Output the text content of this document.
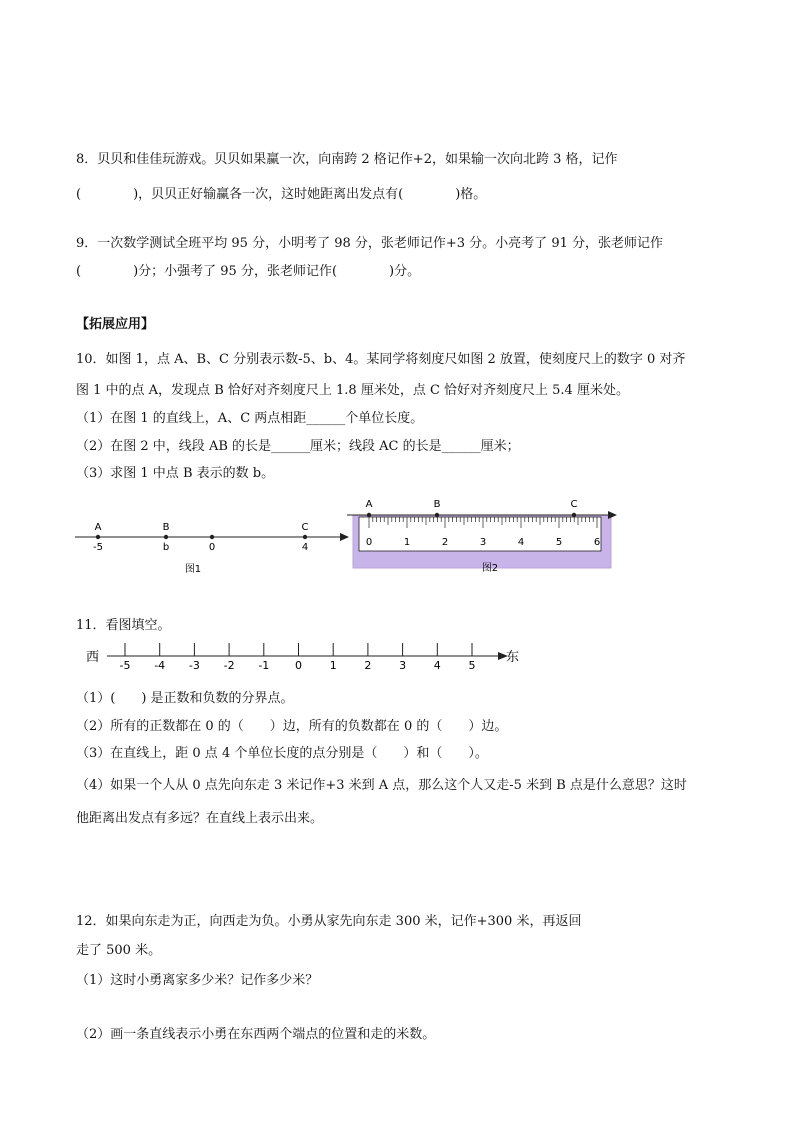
8．贝贝和佳佳玩游戏。贝贝如果赢一次，向南跨 2 格记作+2，如果输一次向北跨 3 格，记作
(　　　　)，贝贝正好输赢各一次，这时她距离出发点有(　　　　)格。
9．一次数学测试全班平均 95 分，小明考了 98 分，张老师记作+3 分。小亮考了 91 分，张老师记作
(　　　　)分；小强考了 95 分，张老师记作(　　　　)分。
【拓展应用】
10．如图 1，点 A、B、C 分别表示数-5、b、4。某同学将刻度尺如图 2 放置，使刻度尺上的数字 0 对齐
图 1 中的点 A，发现点 B 恰好对齐刻度尺上 1.8 厘米处，点 C 恰好对齐刻度尺上 5.4 厘米处。
（1）在图 1 的直线上，A、C 两点相距______个单位长度。
（2）在图 2 中，线段 AB 的长是______厘米；线段 AC 的长是______厘米；
（3）求图 1 中点 B 表示的数 b。
A	B	C
-5	b	0	4
图1
0	1	2	3	4	5	6
A	B	C
图2
11．看图填空。
西
-5 -4 -3 -2 -1 0	1	2	3	4	5
东
（1）(　　) 是正数和负数的分界点。
（2）所有的正数都在 0 的（　　）边，所有的负数都在 0 的（　　）边。
（3）在直线上，距 0 点 4 个单位长度的点分别是（　　）和（　　）。
（4）如果一个人从 0 点先向东走 3 米记作+3 米到 A 点，那么这个人又走-5 米到 B 点是什么意思？这时
他距离出发点有多远？在直线上表示出来。
12．如果向东走为正，向西走为负。小勇从家先向东走 300 米，记作+300 米，再返回
走了 500 米。
（1）这时小勇离家多少米？记作多少米？
（2）画一条直线表示小勇在东西两个端点的位置和走的米数。
